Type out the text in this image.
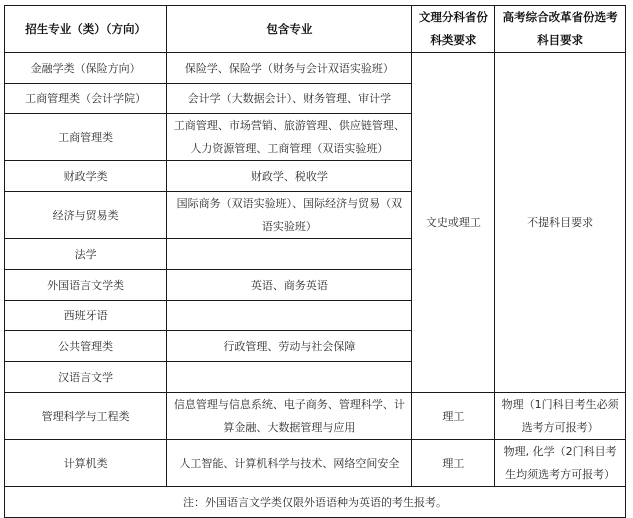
招生专业（类）（方向）	包含专业	文理分科省份科类要求	高考综合改革省份选考科目要求
金融学类（保险方向）	保险学、保险学（财务与会计双语实验班）	文史或理工	不提科目要求
工商管理类（会计学院）	会计学（大数据会计）、财务管理、审计学		
工商管理类	工商管理、市场营销、旅游管理、供应链管理、人力资源管理、工商管理（双语实验班）		
财政学类	财政学、税收学		
经济与贸易类	国际商务（双语实验班）、国际经济与贸易（双语实验班）		
法学			
外国语言文学类	英语、商务英语		
西班牙语			
公共管理类	行政管理、劳动与社会保障		
汉语言文学			
管理科学与工程类	信息管理与信息系统、电子商务、管理科学、计算金融、大数据管理与应用	理工	物理（1门科目考生必须选考方可报考）
计算机类	人工智能、计算机科学与技术、网络空间安全	理工	物理, 化学（2门科目考生均须选考方可报考）
注：外国语言文学类仅限外语语种为英语的考生报考。			
